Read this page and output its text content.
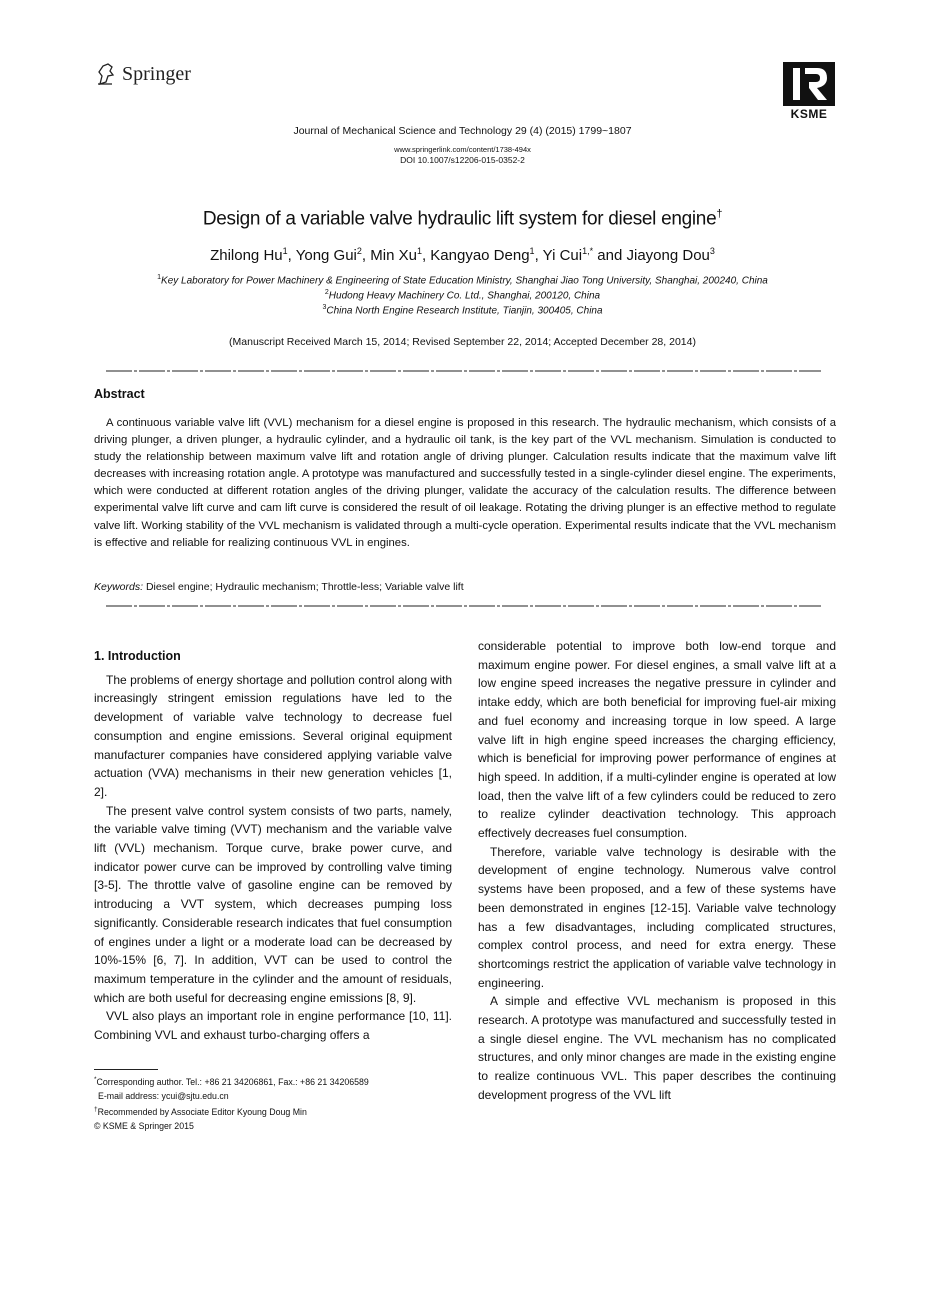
Springer
KSME
Journal of Mechanical Science and Technology 29 (4) (2015) 1799~1807
www.springerlink.com/content/1738-494x
DOI 10.1007/s12206-015-0352-2
Design of a variable valve hydraulic lift system for diesel engine†
Zhilong Hu$^1$, Yong Gui$^2$, Min Xu$^1$, Kangyao Deng$^1$, Yi Cui$^{1,*}$ and Jiayong Dou$^3$
$^1$Key Laboratory for Power Machinery & Engineering of State Education Ministry, Shanghai Jiao Tong University, Shanghai, 200240, China
$^2$Hudong Heavy Machinery Co. Ltd., Shanghai, 200120, China
$^3$China North Engine Research Institute, Tianjin, 300405, China
(Manuscript Received March 15, 2014; Revised September 22, 2014; Accepted December 28, 2014)
Abstract
A continuous variable valve lift (VVL) mechanism for a diesel engine is proposed in this research. The hydraulic mechanism, which consists of a driving plunger, a driven plunger, a hydraulic cylinder, and a hydraulic oil tank, is the key part of the VVL mechanism. Simulation is conducted to study the relationship between maximum valve lift and rotation angle of driving plunger. Calculation results indicate that the maximum valve lift decreases with increasing rotation angle. A prototype was manufactured and successfully tested in a single-cylinder diesel engine. The experiments, which were conducted at different rotation angles of the driving plunger, validate the accuracy of the calculation results. The difference between experimental valve lift curve and cam lift curve is considered the result of oil leakage. Rotating the driving plunger is an effective method to regulate valve lift. Working stability of the VVL mechanism is validated through a multi-cycle operation. Experimental results indicate that the VVL mechanism is effective and reliable for realizing continuous VVL in engines.
Keywords: Diesel engine; Hydraulic mechanism; Throttle-less; Variable valve lift
1. Introduction

The problems of energy shortage and pollution control along with increasingly stringent emission regulations have led to the development of variable valve technology to decrease fuel consumption and engine emissions. Several original equipment manufacturer companies have considered applying variable valve actuation (VVA) mechanisms in their new generation vehicles [1, 2].

The present valve control system consists of two parts, namely, the variable valve timing (VVT) mechanism and the variable valve lift (VVL) mechanism. Torque curve, brake power curve, and indicator power curve can be improved by controlling valve timing [3-5]. The throttle valve of gasoline engine can be removed by introducing a VVT system, which decreases pumping loss significantly. Considerable research indicates that fuel consumption of engines under a light or a moderate load can be decreased by 10%-15% [6, 7]. In addition, VVT can be used to control the maximum temperature in the cylinder and the amount of residuals, which are both useful for decreasing engine emissions [8, 9].

VVL also plays an important role in engine performance [10, 11]. Combining VVL and exhaust turbo-charging offers a

considerable potential to improve both low-end torque and maximum engine power. For diesel engines, a small valve lift at a low engine speed increases the negative pressure in cylinder and intake eddy, which are both beneficial for improving fuel-air mixing and fuel economy and increasing torque in low speed. A large valve lift in high engine speed increases the charging efficiency, which is beneficial for improving power performance of engines at high speed. In addition, if a multi-cylinder engine is operated at low load, then the valve lift of a few cylinders could be reduced to zero to realize cylinder deactivation technology. This approach effectively decreases fuel consumption.

Therefore, variable valve technology is desirable with the development of engine technology. Numerous valve control systems have been proposed, and a few of these systems have been demonstrated in engines [12-15]. Variable valve technology has a few disadvantages, including complicated structures, complex control process, and need for extra energy. These shortcomings restrict the application of variable valve technology in engineering.

A simple and effective VVL mechanism is proposed in this research. A prototype was manufactured and successfully tested in a single diesel engine. The VVL mechanism has no complicated structures, and only minor changes are made in the existing engine to realize continuous VVL. This paper describes the continuing development progress of the VVL lift

*Corresponding author. Tel.: +86 21 34206861, Fax.: +86 21 34206589
E-mail address: ycui@sjtu.edu.cn
†Recommended by Associate Editor Kyoung Doug Min
© KSME & Springer 2015
